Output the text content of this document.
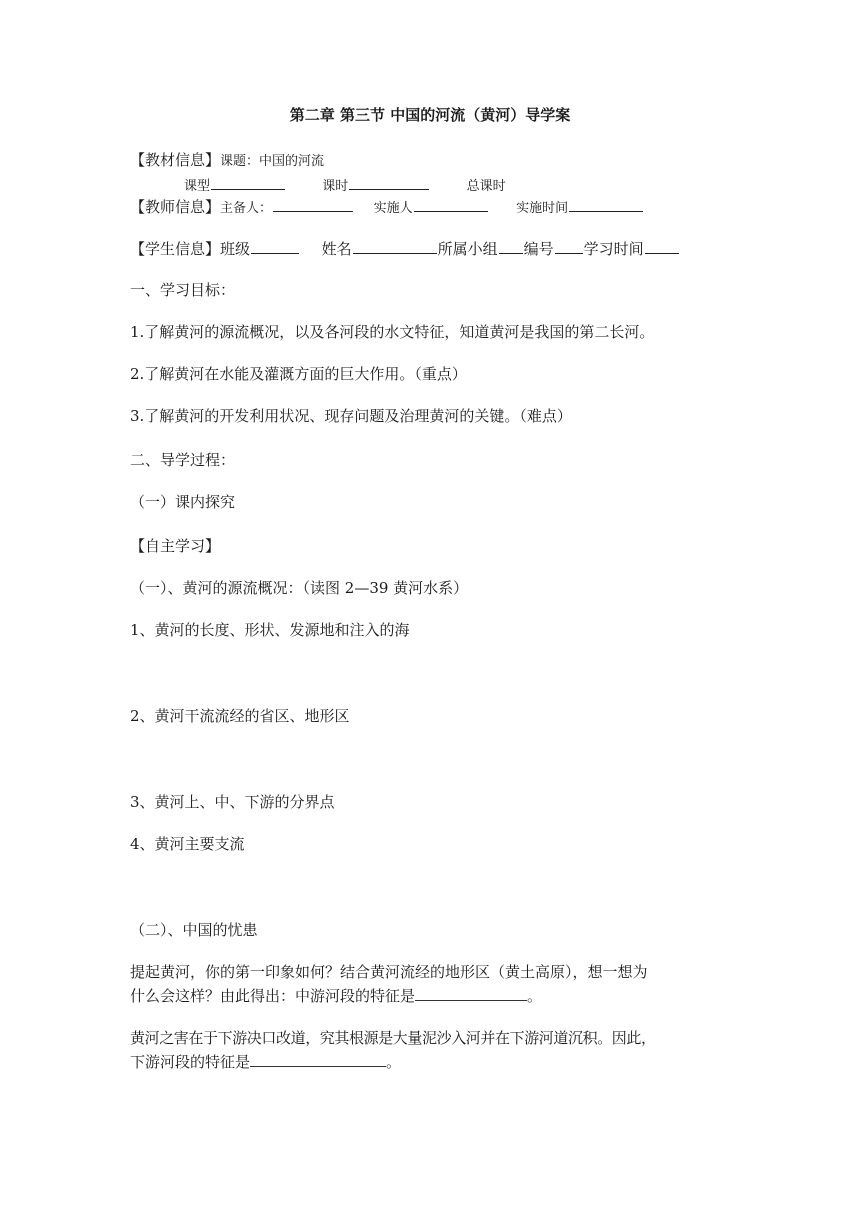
第二章 第三节 中国的河流（黄河）导学案
【教材信息】课题：中国的河流
课型	课时	总课时
【教师信息】主备人：	实施人	实施时间
【学生信息】班级	姓名	所属小组 编号 学习时间
一、学习目标：
1.了解黄河的源流概况，以及各河段的水文特征，知道黄河是我国的第二长河。
2.了解黄河在水能及灌溉方面的巨大作用。（重点）
3.了解黄河的开发利用状况、现存问题及治理黄河的关键。（难点）
二、导学过程：
（一）课内探究
【自主学习】
（一）、黄河的源流概况：（读图 2—39 黄河水系）
1、黄河的长度、形状、发源地和注入的海
2、黄河干流流经的省区、地形区
3、黄河上、中、下游的分界点
4、黄河主要支流
（二）、中国的忧患
提起黄河，你的第一印象如何？结合黄河流经的地形区（黄土高原），想一想为
什么会这样？由此得出：中游河段的特征是	。
黄河之害在于下游决口改道，究其根源是大量泥沙入河并在下游河道沉积。因此，
下游河段的特征是	。
